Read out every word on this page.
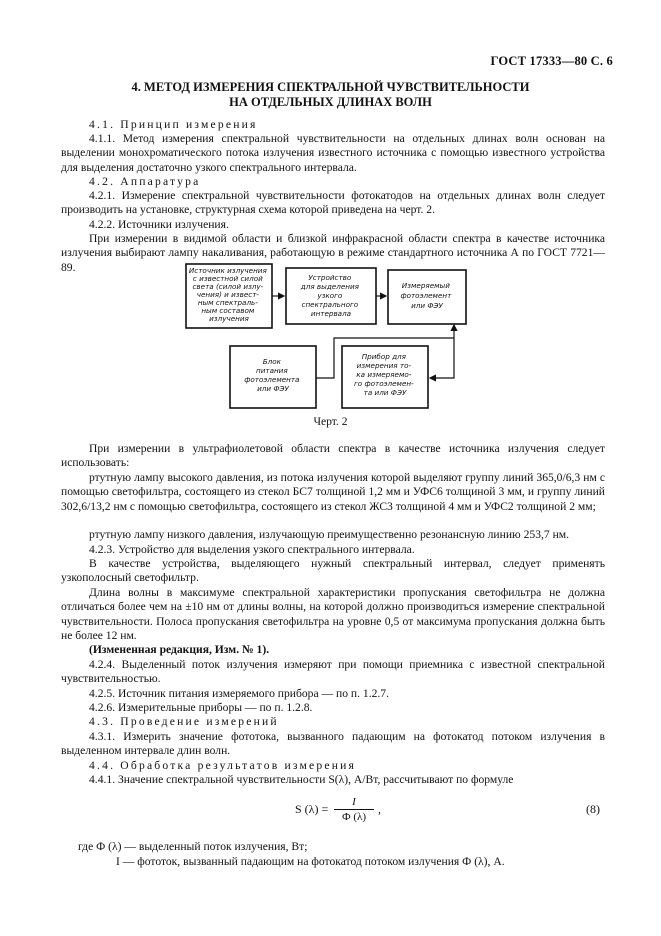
ГОСТ 17333—80 С. 6
4. МЕТОД ИЗМЕРЕНИЯ СПЕКТРАЛЬНОЙ ЧУВСТВИТЕЛЬНОСТИ
НА ОТДЕЛЬНЫХ ДЛИНАХ ВОЛН
4.1. Принцип измерения
4.1.1. Метод измерения спектральной чувствительности на отдельных длинах волн основан на выделении монохроматического потока излучения известного источника с помощью известного устройства для выделения достаточно узкого спектрального интервала.
4.2. Аппаратура
4.2.1. Измерение спектральной чувствительности фотокатодов на отдельных длинах волн следует производить на установке, структурная схема которой приведена на черт. 2.
4.2.2. Источники излучения.
При измерении в видимой области и близкой инфракрасной области спектра в качестве источника излучения выбирают лампу накаливания, работающую в режиме стандартного источника А по ГОСТ 7721—89.	Источник излучения с известной силой света (силой излу- чения) и извест- ным спектраль- ным составом излучения
Устройство для выделения узкого спектрального интервала
Измеряемый фотоэлемент или ФЭУ
Блок питания фотоэлемента или ФЭУ
Прибор для измерения то- ка измеряемо- го фотоэлемен- та или ФЭУ
Черт. 2
При измерении в ультрафиолетовой области спектра в качестве источника излучения следует использовать:
ртутную лампу высокого давления, из потока излучения которой выделяют группу линий 365,0/6,3 нм с помощью светофильтра, состоящего из стекол БС7 толщиной 1,2 мм и УФС6 толщиной 3 мм, и группу линий 302,6/13,2 нм с помощью светофильтра, состоящего из стекол ЖС3 толщиной 4 мм и УФС2 толщиной 2 мм;
ртутную лампу низкого давления, излучающую преимущественно резонансную линию 253,7 нм.
4.2.3. Устройство для выделения узкого спектрального интервала.
В качестве устройства, выделяющего нужный спектральный интервал, следует применять узкополосный светофильтр.
Длина волны в максимуме спектральной характеристики пропускания светофильтра не должна отличаться более чем на ±10 нм от длины волны, на которой должно производиться измерение спектральной чувствительности. Полоса пропускания светофильтра на уровне 0,5 от максимума пропускания должна быть не более 12 нм.
(Измененная редакция, Изм. № 1).
4.2.4. Выделенный поток излучения измеряют при помощи приемника с известной спектральной чувствительностью.
4.2.5. Источник питания измеряемого прибора — по п. 1.2.7.
4.2.6. Измерительные приборы — по п. 1.2.8.
4.3. Проведение измерений
4.3.1. Измерить значение фототока, вызванного падающим на фотокатод потоком излучения в выделенном интервале длин волн.
4.4. Обработка результатов измерения
4.4.1. Значение спектральной чувствительности S(λ), А/Вт, рассчитывают по формуле
S (λ) =	I
Ф (λ)
,	(8)
где Ф (λ) — выделенный поток излучения, Вт;
I — фототок, вызванный падающим на фотокатод потоком излучения Ф (λ), А.
